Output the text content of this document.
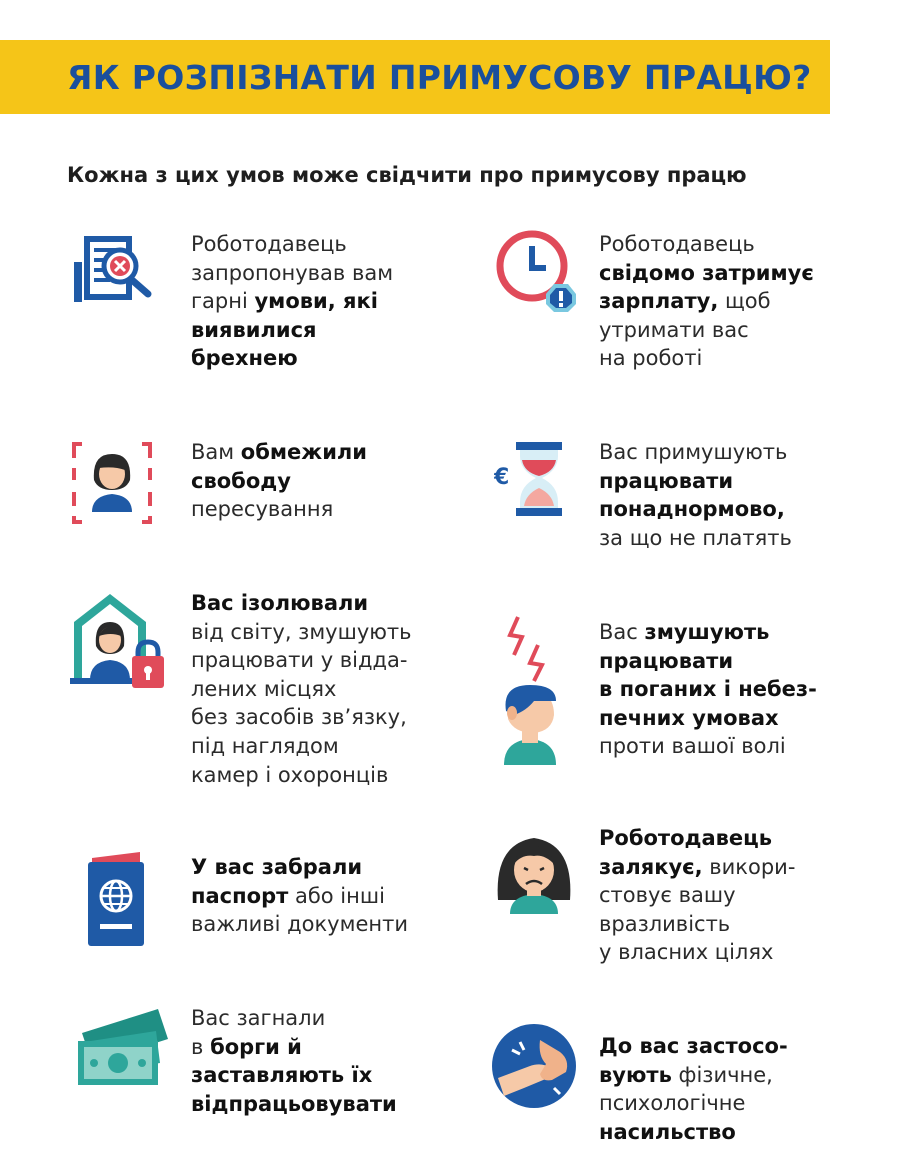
ЯК РОЗПІЗНАТИ ПРИМУСОВУ ПРАЦЮ?
Кожна з цих умов може свідчити про примусову працю
Роботодавець
запропонував вам
гарні умови, які
виявилися
брехнею
Роботодавець
свідомо затримує
зарплату, щоб
утримати вас
на роботі
Вам обмежили
свободу
пересування
€
Вас примушують
працювати
понаднормово,
за що не платять
Вас ізолювали
від світу, змушують
працювати у віддa-
лених місцях
без засобів зв’язку,
під наглядом
камер і охоронців
Вас змушують
працювати
в поганих і небез-
печних умовах
проти вашої волі
У вас забрали
паспорт або інші
важливі документи
Роботодавець
залякує, викори-
стовує вашу
вразливість
у власних цілях
Вас загнали
в борги й
заставляють їх
відпрацьовувати
До вас застосо-
вують фізичне,
психологічне
насильство
